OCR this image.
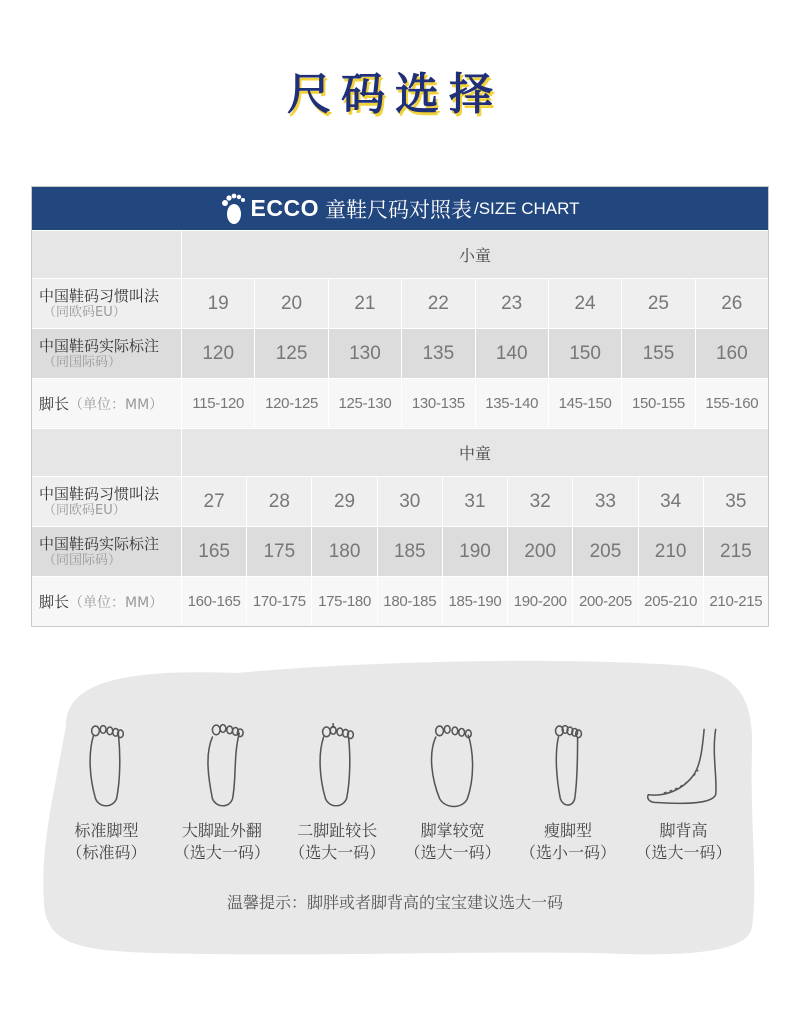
尺码选择
ECCO 童鞋尺码对照表 /SIZE CHART
小童
中国鞋码习惯叫法
（同欧码EU）	19	20	21	22	23	24	25	26
中国鞋码实际标注
（同国际码）	120	125	130	135	140	150	155	160
脚长（单位：MM）	115-120	120-125	125-130	130-135	135-140	145-150	150-155	155-160
中童
中国鞋码习惯叫法
（同欧码EU）	27	28	29	30	31	32	33	34	35
中国鞋码实际标注
（同国际码）	165	175	180	185	190	200	205	210	215
脚长（单位：MM）	160-165 170-175 175-180 180-185 185-190 190-200 200-205 205-210 210-215
标准脚型
（标准码）
大脚趾外翻
（选大一码）
二脚趾较长
（选大一码）
脚掌较宽
（选大一码）
瘦脚型
（选小一码）
脚背高
（选大一码）
温馨提示：脚胖或者脚背高的宝宝建议选大一码
